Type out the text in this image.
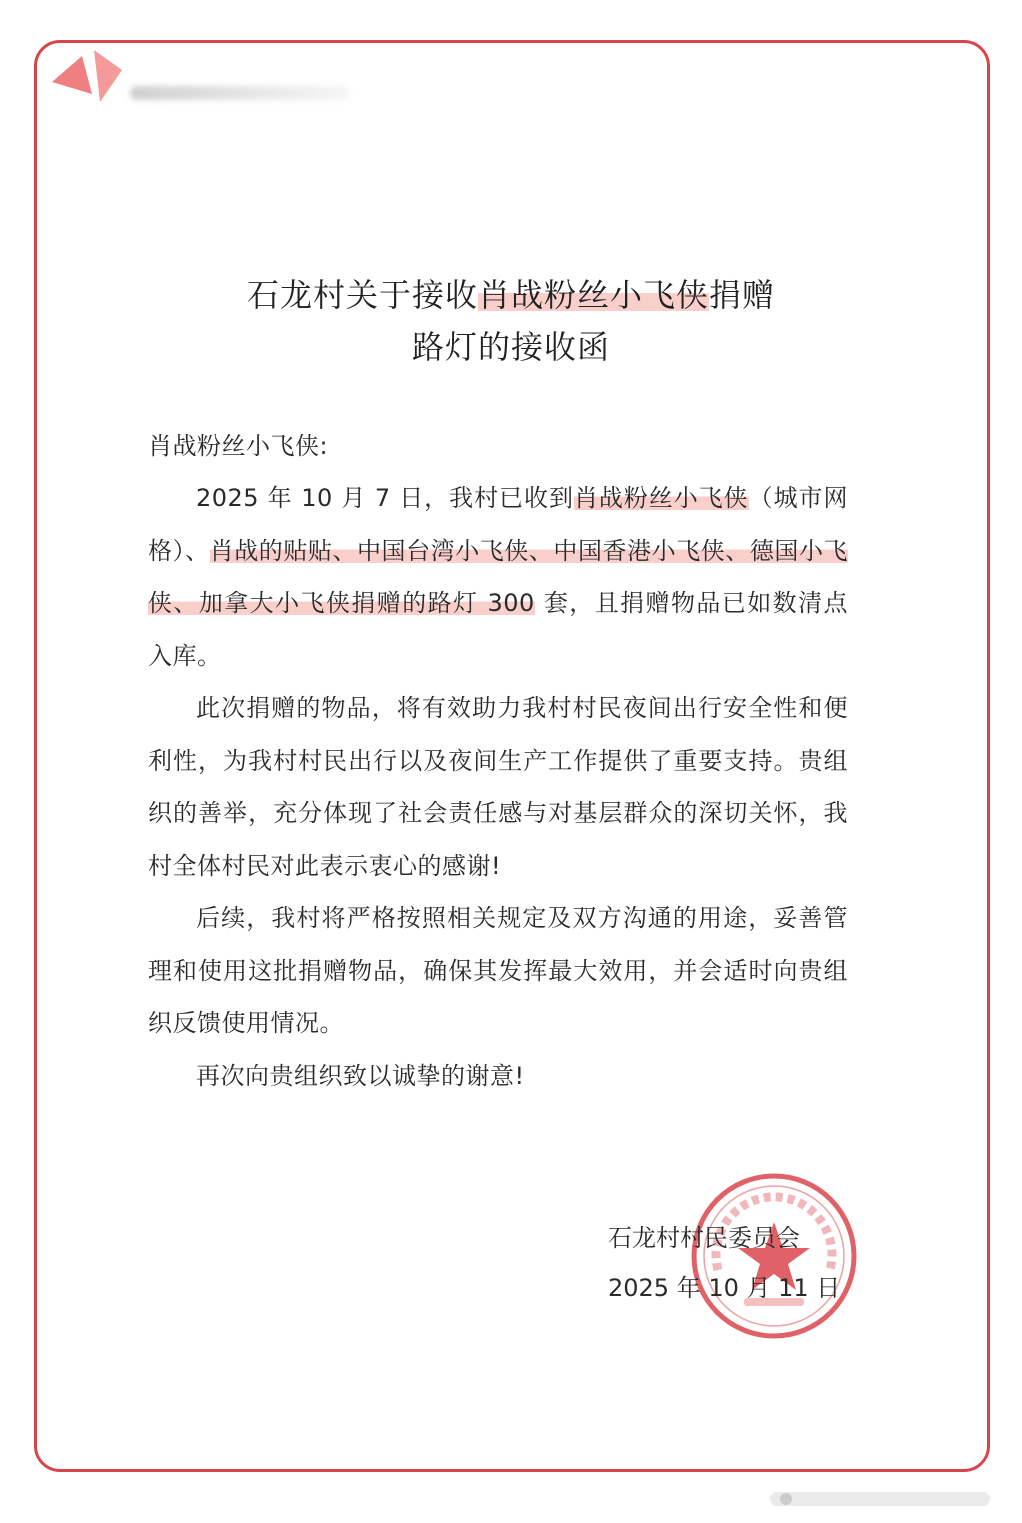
石龙村关于接收肖战粉丝小飞侠捐赠
路灯的接收函
肖战粉丝小飞侠:
2025 年 10 月 7 日，我村已收到肖战粉丝小飞侠（城市网格）、肖战的贴贴、中国台湾小飞侠、中国香港小飞侠、德国小飞侠、加拿大小飞侠捐赠的路灯 300 套，且捐赠物品已如数清点入库。
此次捐赠的物品，将有效助力我村村民夜间出行安全性和便利性，为我村村民出行以及夜间生产工作提供了重要支持。贵组织的善举，充分体现了社会责任感与对基层群众的深切关怀，我村全体村民对此表示衷心的感谢!
后续，我村将严格按照相关规定及双方沟通的用途，妥善管理和使用这批捐赠物品，确保其发挥最大效用，并会适时向贵组织反馈使用情况。
再次向贵组织致以诚挚的谢意!
石龙村村民委员会
2025 年 10 月 11 日
